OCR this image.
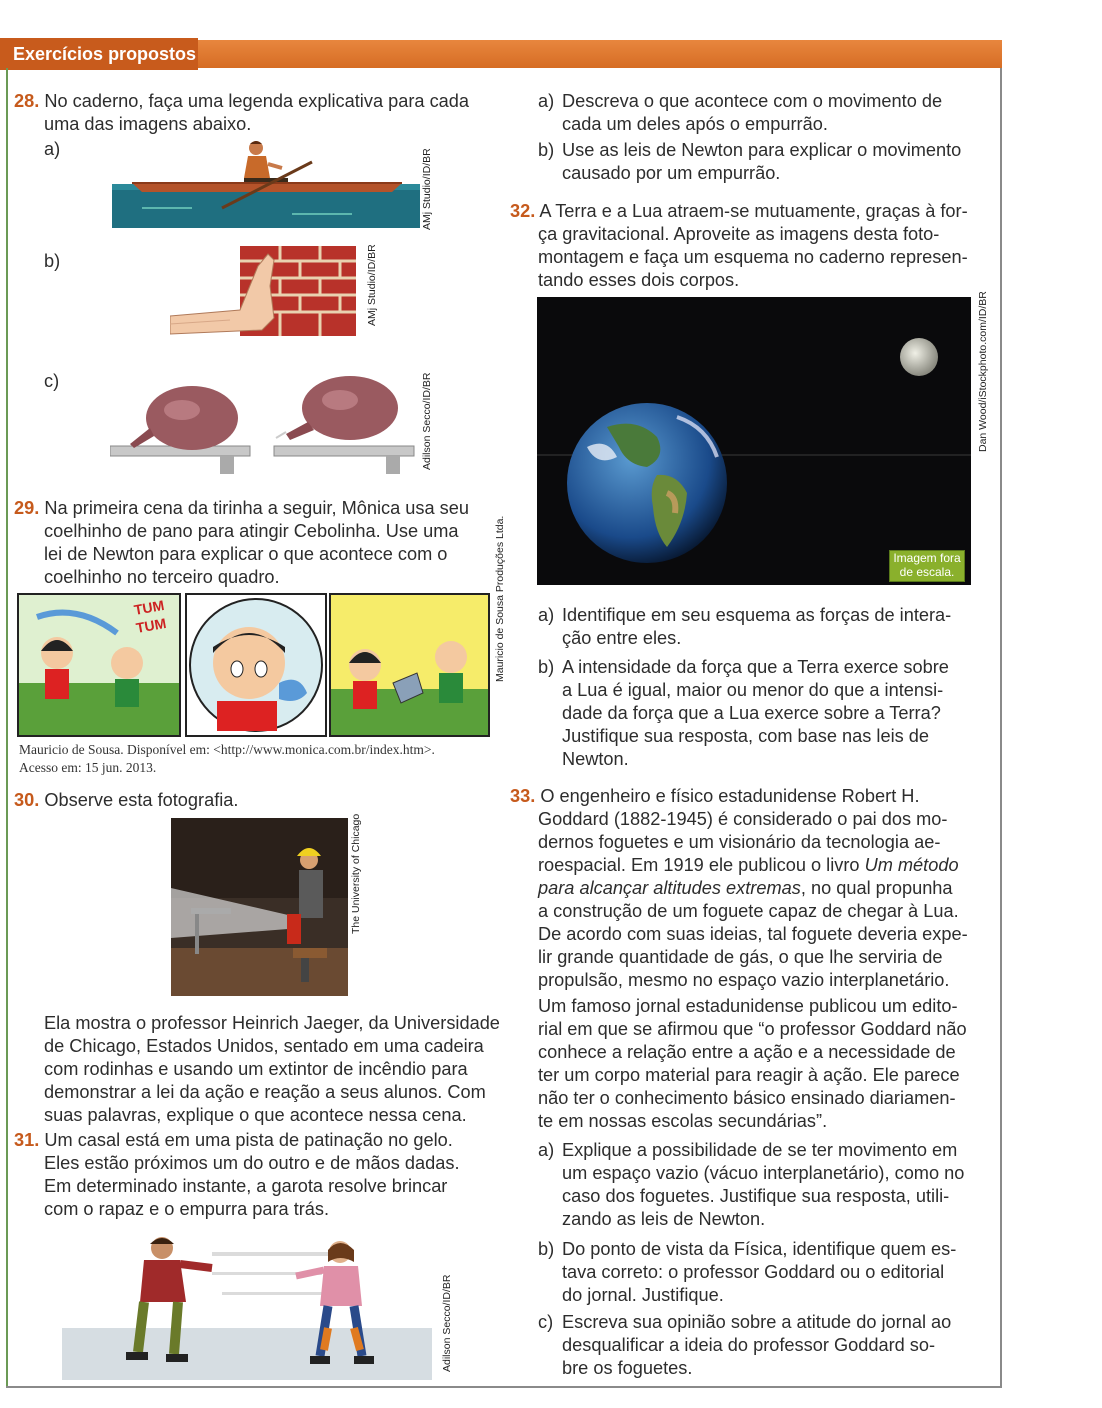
Exercícios propostos
28. No caderno, faça uma legenda explicativa para cada
uma das imagens abaixo.
a)	AMj Studio/ID/BR
b)	AMj Studio/ID/BR
c)	Adilson Secco/ID/BR
29. Na primeira cena da tirinha a seguir, Mônica usa seu
coelhinho de pano para atingir Cebolinha. Use uma
lei de Newton para explicar o que acontece com o
coelhinho no terceiro quadro.
TUM
TUM	Mauricio de Sousa Produções Ltda.
Mauricio de Sousa. Disponível em: <http://www.monica.com.br/index.htm>.
Acesso em: 15 jun. 2013.
30. Observe esta fotografia.
The University of Chicago
Ela mostra o professor Heinrich Jaeger, da Universidade
de Chicago, Estados Unidos, sentado em uma cadeira
com rodinhas e usando um extintor de incêndio para
demonstrar a lei da ação e reação a seus alunos. Com
suas palavras, explique o que acontece nessa cena.
31. Um casal está em uma pista de patinação no gelo.
Eles estão próximos um do outro e de mãos dadas.
Em determinado instante, a garota resolve brincar
com o rapaz e o empurra para trás.
Adilson Secco/ID/BR
a) Descreva o que acontece com o movimento de
cada um deles após o empurrão.
b) Use as leis de Newton para explicar o movimento
causado por um empurrão.
32. A Terra e a Lua atraem-se mutuamente, graças à for-
ça gravitacional. Aproveite as imagens desta foto-
montagem e faça um esquema no caderno represen-
tando esses dois corpos.
Imagem fora
de escala.
Dan Wood/iStockphoto.com/ID/BR
a) Identifique em seu esquema as forças de intera-
ção entre eles.
b) A intensidade da força que a Terra exerce sobre
a Lua é igual, maior ou menor do que a intensi-
dade da força que a Lua exerce sobre a Terra?
Justifique sua resposta, com base nas leis de
Newton.
33. O engenheiro e físico estadunidense Robert H.
Goddard (1882-1945) é considerado o pai dos mo-
dernos foguetes e um visionário da tecnologia ae-
roespacial. Em 1919 ele publicou o livro Um método
para alcançar altitudes extremas, no qual propunha
a construção de um foguete capaz de chegar à Lua.
De acordo com suas ideias, tal foguete deveria expe-
lir grande quantidade de gás, o que lhe serviria de
propulsão, mesmo no espaço vazio interplanetário.
Um famoso jornal estadunidense publicou um edito-
rial em que se afirmou que “o professor Goddard não
conhece a relação entre a ação e a necessidade de
ter um corpo material para reagir à ação. Ele parece
não ter o conhecimento básico ensinado diariamen-
te em nossas escolas secundárias”.
a) Explique a possibilidade de se ter movimento em
um espaço vazio (vácuo interplanetário), como no
caso dos foguetes. Justifique sua resposta, utili-
zando as leis de Newton.
b) Do ponto de vista da Física, identifique quem es-
tava correto: o professor Goddard ou o editorial
do jornal. Justifique.
c) Escreva sua opinião sobre a atitude do jornal ao
desqualificar a ideia do professor Goddard so-
bre os foguetes.
